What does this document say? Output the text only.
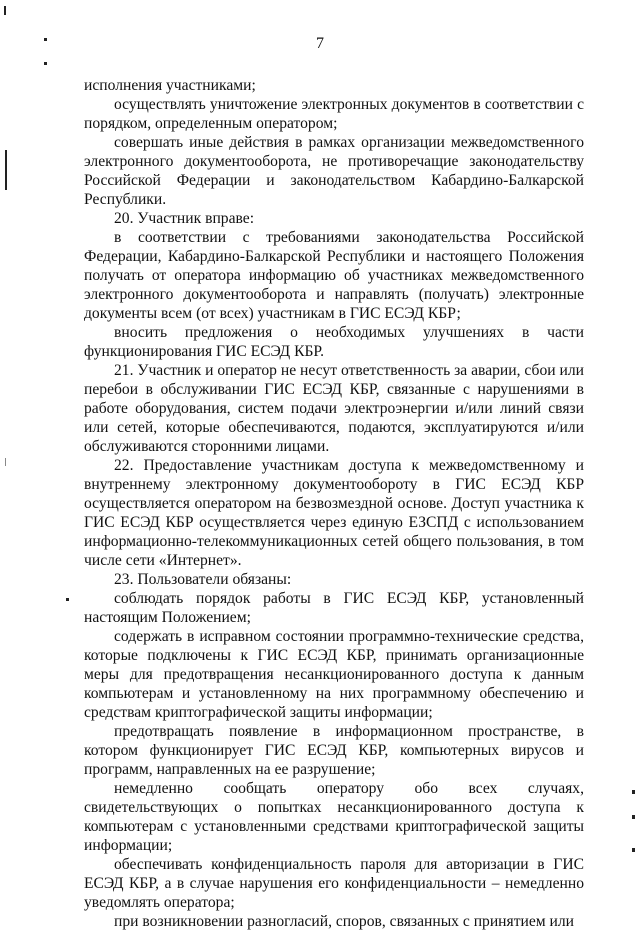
7

исполнения участниками;

осуществлять уничтожение электронных документов в соответствии с порядком, определенным оператором;

совершать иные действия в рамках организации межведомственного электронного документооборота, не противоречащие законодательству Российской Федерации и законодательством Кабардино-Балкарской Республики.

20. Участник вправе:

в соответствии с требованиями законодательства Российской Федерации, Кабардино-Балкарской Республики и настоящего Положения получать от оператора информацию об участниках межведомственного электронного документооборота и направлять (получать) электронные документы всем (от всех) участникам в ГИС ЕСЭД КБР;

вносить предложения о необходимых улучшениях в части функционирования ГИС ЕСЭД КБР.

21. Участник и оператор не несут ответственность за аварии, сбои или перебои в обслуживании ГИС ЕСЭД КБР, связанные с нарушениями в работе оборудования, систем подачи электроэнергии и/или линий связи или сетей, которые обеспечиваются, подаются, эксплуатируются и/или обслуживаются сторонними лицами.

22. Предоставление участникам доступа к межведомственному и внутреннему электронному документообороту в ГИС ЕСЭД КБР осуществляется оператором на безвозмездной основе. Доступ участника к ГИС ЕСЭД КБР осуществляется через единую ЕЗСПД с использованием информационно-телекоммуникационных сетей общего пользования, в том числе сети «Интернет».

23. Пользователи обязаны:

соблюдать порядок работы в ГИС ЕСЭД КБР, установленный настоящим Положением;

содержать в исправном состоянии программно-технические средства, которые подключены к ГИС ЕСЭД КБР, принимать организационные меры для предотвращения несанкционированного доступа к данным компьютерам и установленному на них программному обеспечению и средствам криптографической защиты информации;

предотвращать появление в информационном пространстве, в котором функционирует ГИС ЕСЭД КБР, компьютерных вирусов и программ, направленных на ее разрушение;

немедленно сообщать оператору обо всех случаях, свидетельствующих о попытках несанкционированного доступа к компьютерам с установленными средствами криптографической защиты информации;

обеспечивать конфиденциальность пароля для авторизации в ГИС ЕСЭД КБР, а в случае нарушения его конфиденциальности – немедленно уведомлять оператора;

при возникновении разногласий, споров, связанных с принятием или
